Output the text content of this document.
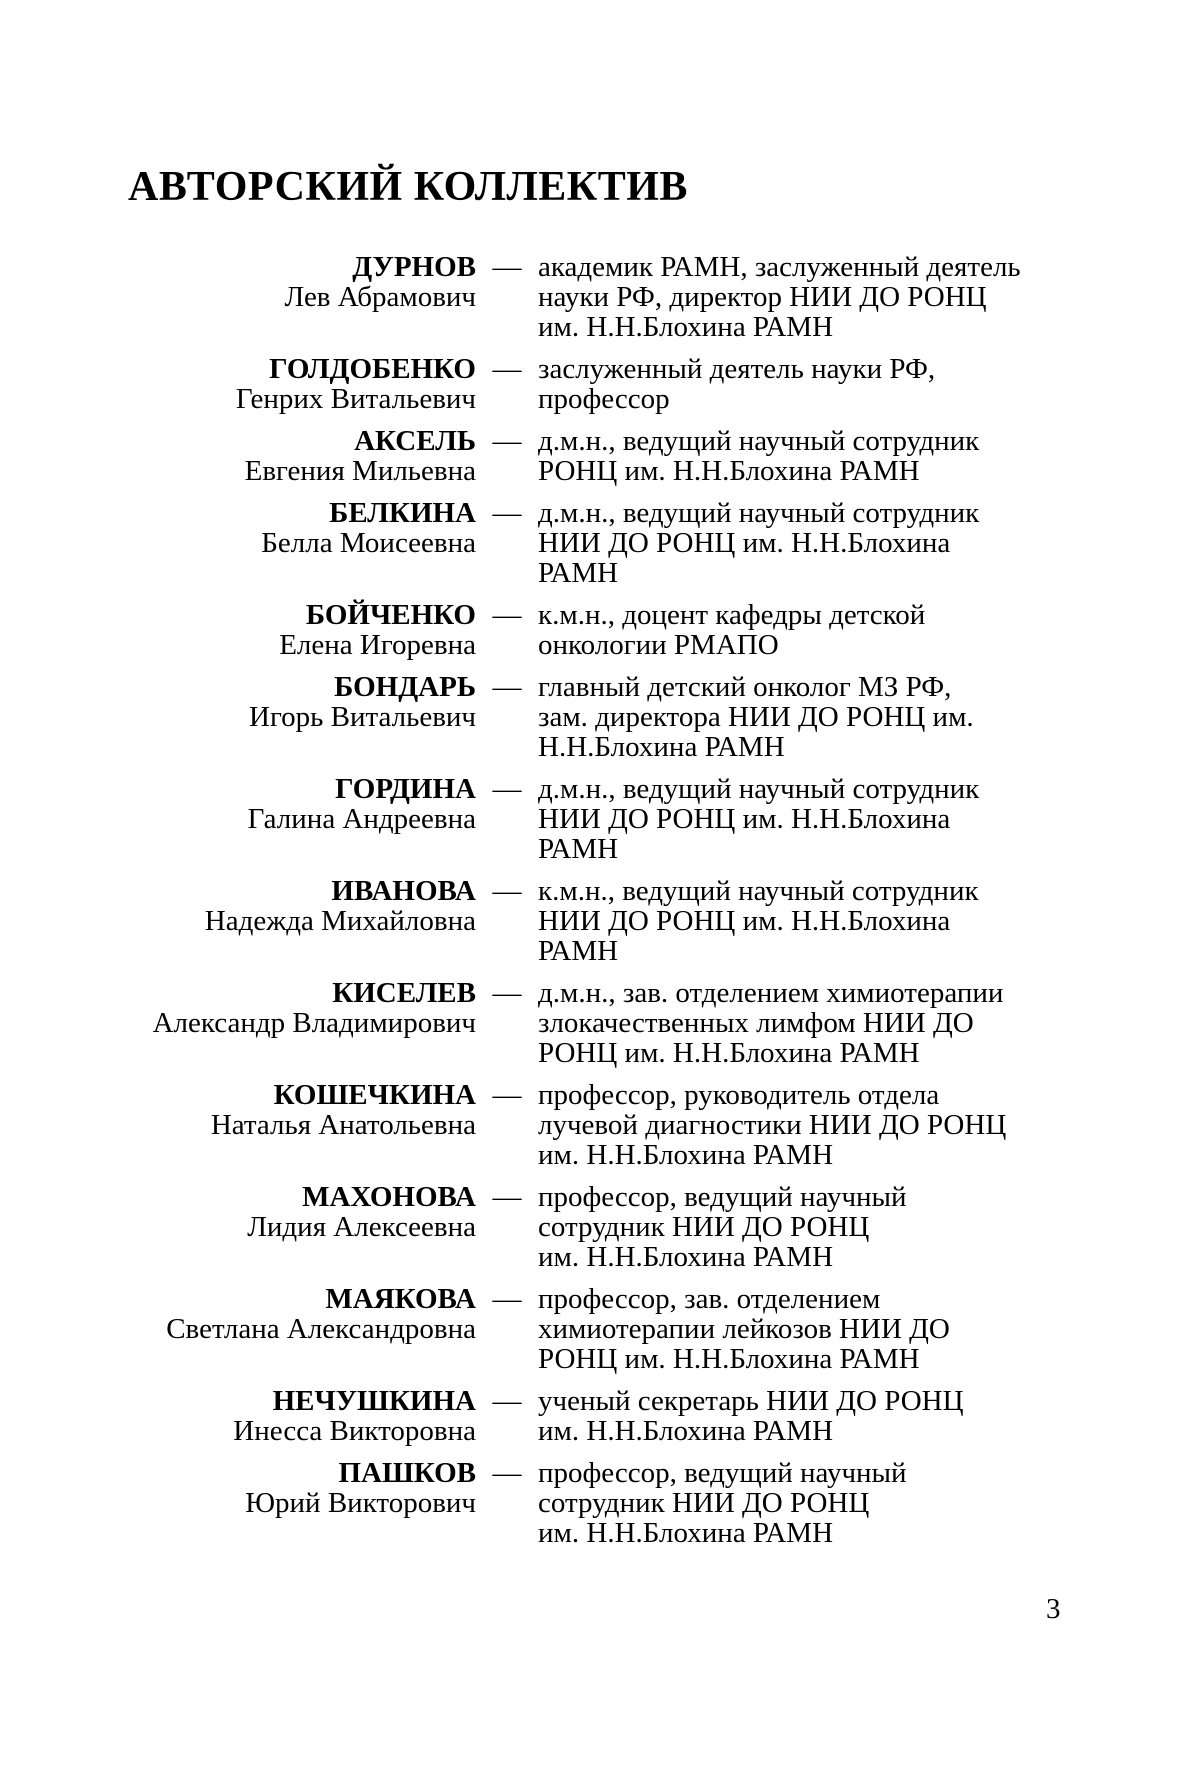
АВТОРСКИЙ КОЛЛЕКТИВ
ДУРНОВ
Лев Абрамович
— академик РАМН, заслуженный деятель
науки РФ, директор НИИ ДО РОНЦ
им. Н.Н.Блохина РАМН
ГОЛДОБЕНКО
Генрих Витальевич
— заслуженный деятель науки РФ,
профессор
АКСЕЛЬ
Евгения Мильевна
— д.м.н., ведущий научный сотрудник
РОНЦ им. Н.Н.Блохина РАМН
БЕЛКИНА
Белла Моисеевна
— д.м.н., ведущий научный сотрудник
НИИ ДО РОНЦ им. Н.Н.Блохина
РАМН
БОЙЧЕНКО
Елена Игоревна
— к.м.н., доцент кафедры детской
онкологии РМАПО
БОНДАРЬ
Игорь Витальевич
— главный детский онколог МЗ РФ,
зам. директора НИИ ДО РОНЦ им.
Н.Н.Блохина РАМН
ГОРДИНА
Галина Андреевна
— д.м.н., ведущий научный сотрудник
НИИ ДО РОНЦ им. Н.Н.Блохина
РАМН
ИВАНОВА
Надежда Михайловна
— к.м.н., ведущий научный сотрудник
НИИ ДО РОНЦ им. Н.Н.Блохина
РАМН
КИСЕЛЕВ
Александр Владимирович
— д.м.н., зав. отделением химиотерапии
злокачественных лимфом НИИ ДО
РОНЦ им. Н.Н.Блохина РАМН
КОШЕЧКИНА
Наталья Анатольевна
— профессор, руководитель отдела
лучевой диагностики НИИ ДО РОНЦ
им. Н.Н.Блохина РАМН
МАХОНОВА
Лидия Алексеевна
— профессор, ведущий научный
сотрудник НИИ ДО РОНЦ
им. Н.Н.Блохина РАМН
МАЯКОВА
Светлана Александровна
— профессор, зав. отделением
химиотерапии лейкозов НИИ ДО
РОНЦ им. Н.Н.Блохина РАМН
НЕЧУШКИНА
Инесса Викторовна
— ученый секретарь НИИ ДО РОНЦ
им. Н.Н.Блохина РАМН
ПАШКОВ
Юрий Викторович
— профессор, ведущий научный
сотрудник НИИ ДО РОНЦ
им. Н.Н.Блохина РАМН
3
